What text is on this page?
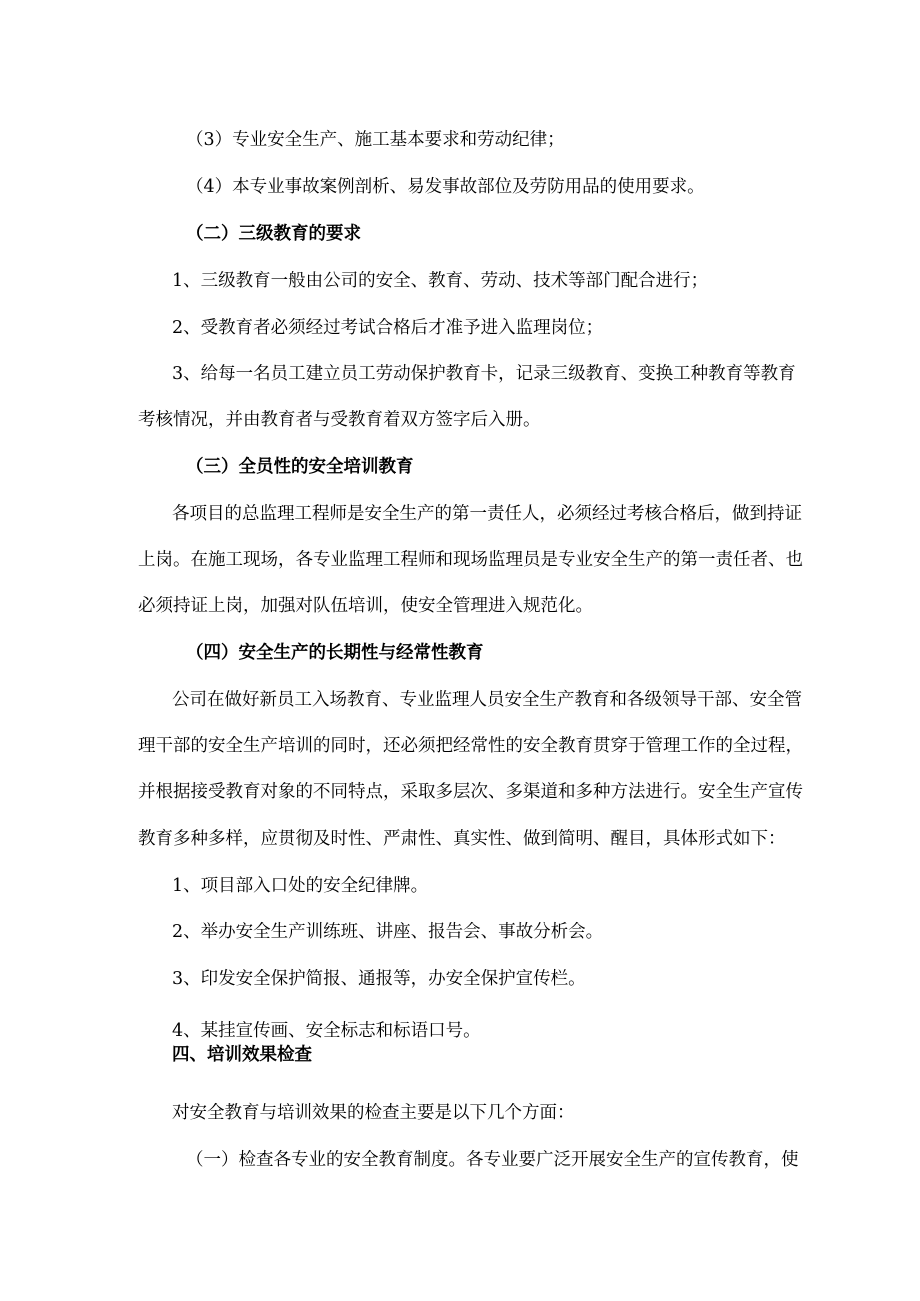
（3）专业安全生产、施工基本要求和劳动纪律；

（4）本专业事故案例剖析、易发事故部位及劳防用品的使用要求。

（二）三级教育的要求

1、三级教育一般由公司的安全、教育、劳动、技术等部门配合进行；

2、受教育者必须经过考试合格后才准予进入监理岗位；

3、给每一名员工建立员工劳动保护教育卡，记录三级教育、变换工种教育等教育

考核情况，并由教育者与受教育着双方签字后入册。

（三）全员性的安全培训教育

各项目的总监理工程师是安全生产的第一责任人，必须经过考核合格后，做到持证

上岗。在施工现场，各专业监理工程师和现场监理员是专业安全生产的第一责任者、也

必须持证上岗，加强对队伍培训，使安全管理进入规范化。

（四）安全生产的长期性与经常性教育

公司在做好新员工入场教育、专业监理人员安全生产教育和各级领导干部、安全管

理干部的安全生产培训的同时，还必须把经常性的安全教育贯穿于管理工作的全过程，

并根据接受教育对象的不同特点，采取多层次、多渠道和多种方法进行。安全生产宣传

教育多种多样，应贯彻及时性、严肃性、真实性、做到简明、醒目，具体形式如下：

1、项目部入口处的安全纪律牌。

2、举办安全生产训练班、讲座、报告会、事故分析会。

3、印发安全保护简报、通报等，办安全保护宣传栏。

4、某挂宣传画、安全标志和标语口号。

四、培训效果检查

对安全教育与培训效果的检查主要是以下几个方面：

（一）检查各专业的安全教育制度。各专业要广泛开展安全生产的宣传教育，使
